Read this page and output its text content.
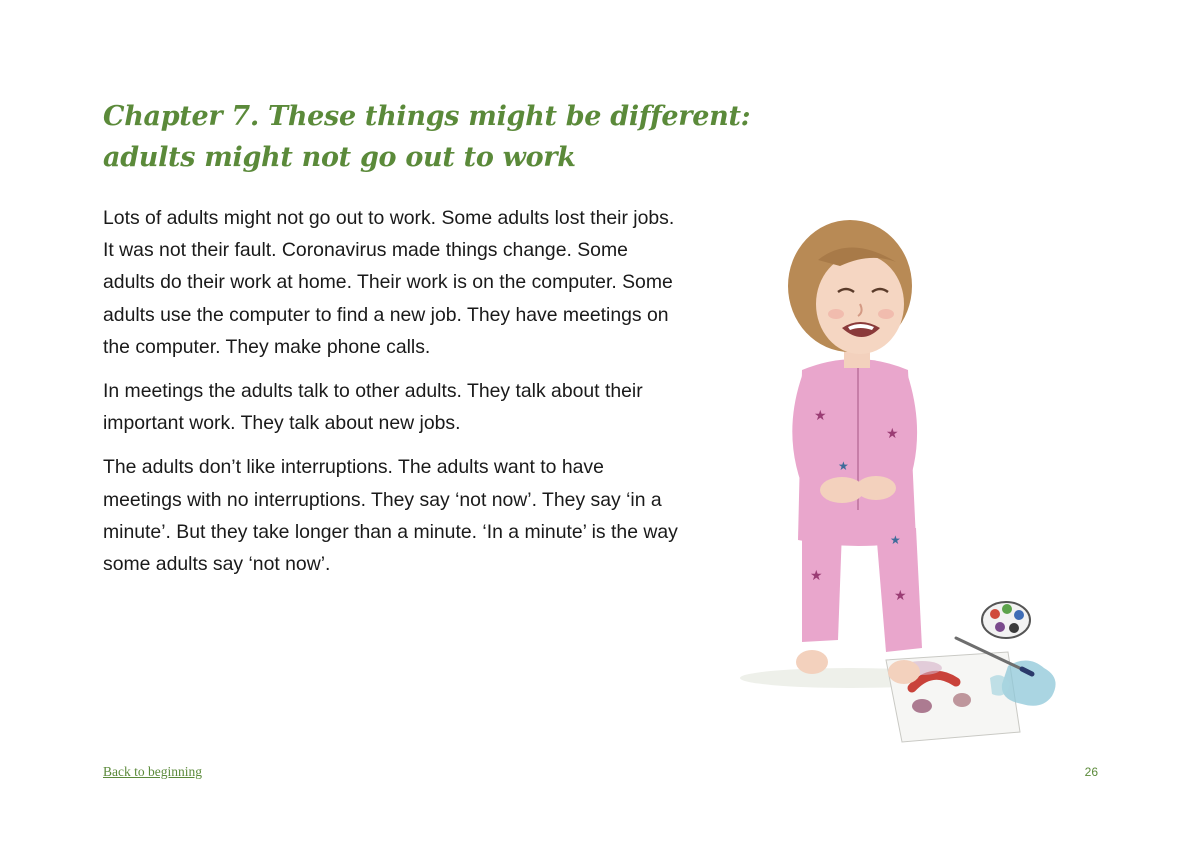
Chapter 7. These things might be different:
adults might not go out to work

Lots of adults might not go out to work. Some adults lost their jobs. It was not their fault. Coronavirus made things change. Some adults do their work at home. Their work is on the computer. Some adults use the computer to find a new job. They have meetings on the computer. They make phone calls.

In meetings the adults talk to other adults. They talk about their important work. They talk about new jobs.

The adults don’t like interruptions. The adults want to have meetings with no interruptions. They say ‘not now’. They say ‘in a minute’. But they take longer than a minute. ‘In a minute’ is the way some adults say ‘not now’.

★
★
★
★
★
★
Back to beginning	26
